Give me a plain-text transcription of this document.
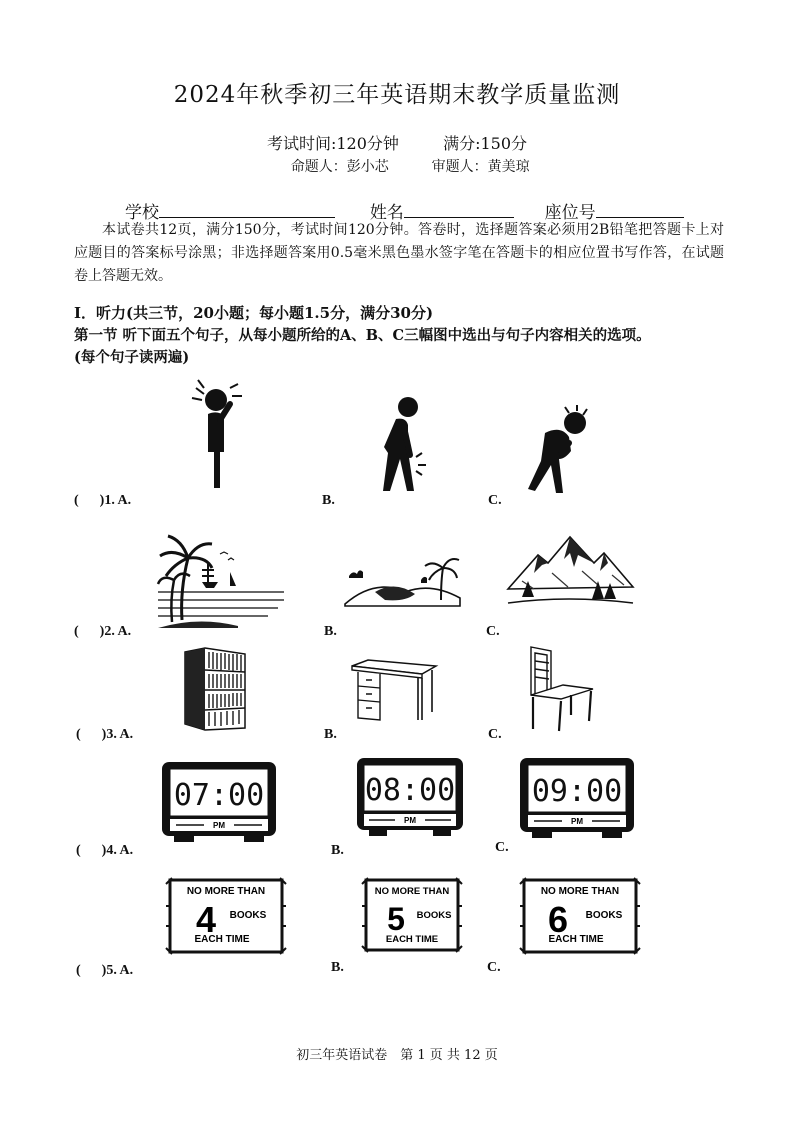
2024年秋季初三年英语期末教学质量监测
考试时间:120分钟	满分:150分
命题人：彭小芯	审题人：黄美琼
学校	姓名	座位号
本试卷共12页，满分150分，考试时间120分钟。答卷时，选择题答案必须用2B铅笔把答题卡上对应题目的答案标号涂黑；非选择题答案用0.5毫米黑色墨水签字笔在答题卡的相应位置书写作答，在试题卷上答题无效。
Ⅰ．听力(共三节，20小题；每小题1.5分，满分30分)
第一节 听下面五个句子，从每小题所给的A、B、C三幅图中选出与句子内容相关的选项。
(每个句子读两遍)
(      )1. A.	B.	C.
(      )2. A.	B.	C.
(      )3. A.	B.	C.
(      )4. A.	B.	C.
07:00
PM
08:00
PM
09:00
PM
(      )5. A.	B.	C.
NO MORE THAN
4 BOOKS
EACH TIME
NO MORE THAN
5 BOOKS
EACH TIME
NO MORE THAN
6 BOOKS
EACH TIME
初三年英语试卷　第 1 页 共 12 页
